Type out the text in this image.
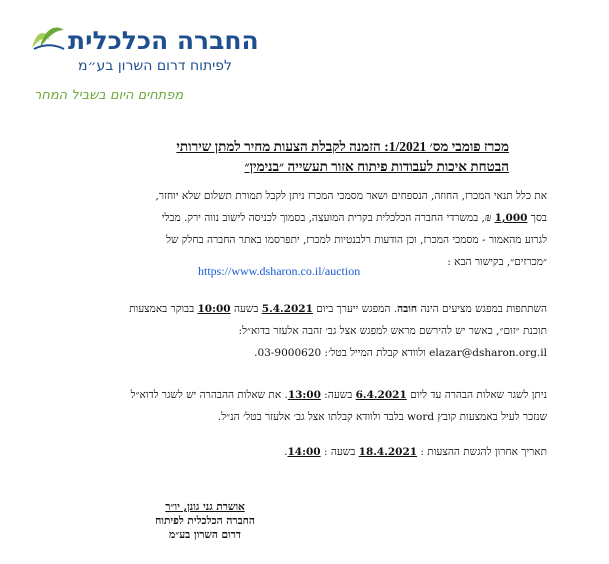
החברה הכלכלית
לפיתוח דרום השרון בע״מ
מפתחים היום בשביל המחר
מכרז פומבי מס׳ 1/2021: הזמנה לקבלת הצעות מחיר למתן שירותי
הבטחת איכות לעבודות פיתוח אזור תעשייה ״בנימין״
את כלל תנאי המכרז, החוזה, הנספחים ושאר מסמכי המכרז ניתן לקבל תמורת תשלום שלא יוחזר,
בסך 1,000 ₪, במשרדי החברה הכלכלית בקרית המועצה, בסמוך לכניסה לישוב נווה ירק. מבלי
לגרוע מהאמור - מסמכי המכרז, וכן הודעות רלבנטיות למכרז, יתפרסמו באתר החברה בחלק של
״מכרזים״, בקישור הבא :
https://www.dsharon.co.il/auction
השתתפות במפגש מציעים הינה חובה. המפגש ייערך ביום 5.4.2021 בשעה 10:00 בבוקר באמצעות
תוכנת ״זום״, כאשר יש להירשם מראש למפגש אצל גב׳ זהבה אלעזר בדוא״ל:
elazar@dsharon.org.il ולוודא קבלת המייל בטל׳: 03-9000620.
ניתן לשגר שאלות הבהרה עד ליום 6.4.2021 בשעה: 13:00. את שאלות ההבהרה יש לשגר לדוא״ל
שנזכר לעיל באמצעות קובץ word בלבד ולוודא קבלתו אצל גב׳ אלעזר בטל׳ הנ״ל.
תאריך אחרון להגשת ההצעות : 18.4.2021 בשעה : 14:00.
אושרת גני גונן, יו״ר
החברה הכלכלית לפיתוח
דרום השרון בע״מ
